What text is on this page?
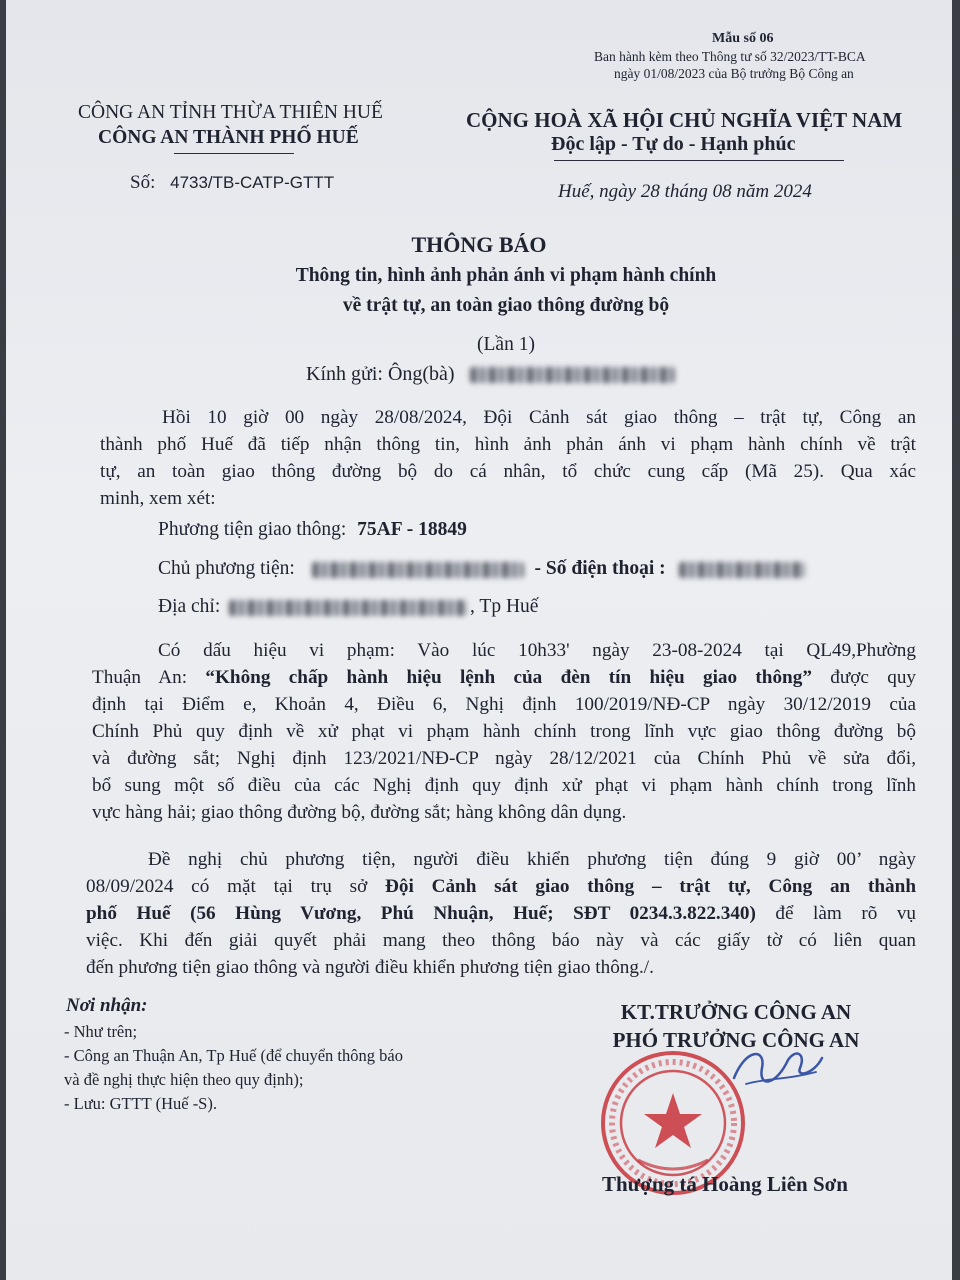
Mẫu số 06
Ban hành kèm theo Thông tư số 32/2023/TT-BCA
ngày 01/08/2023 của Bộ trưởng Bộ Công an
CÔNG AN TỈNH THỪA THIÊN HUẾ
CÔNG AN THÀNH PHỐ HUẾ
Số: 4733/TB-CATP-GTTT
CỘNG HOÀ XÃ HỘI CHỦ NGHĨA VIỆT NAM
Độc lập - Tự do - Hạnh phúc
Huế, ngày 28 tháng 08 năm 2024
THÔNG BÁO
Thông tin, hình ảnh phản ánh vi phạm hành chính
về trật tự, an toàn giao thông đường bộ
(Lần 1)
Kính gửi: Ông(bà)
Hồi 10 giờ 00 ngày 28/08/2024, Đội Cảnh sát giao thông – trật tự, Công an
thành phố Huế đã tiếp nhận thông tin, hình ảnh phản ánh vi phạm hành chính về trật
tự, an toàn giao thông đường bộ do cá nhân, tổ chức cung cấp (Mã 25). Qua xác
minh, xem xét:
Phương tiện giao thông: 75AF - 18849
Chủ phương tiện:	- Số điện thoại :
Địa chỉ:	, Tp Huế
Có dấu hiệu vi phạm: Vào lúc 10h33' ngày 23-08-2024 tại QL49,Phường
Thuận An: “Không chấp hành hiệu lệnh của đèn tín hiệu giao thông” được quy
định tại Điểm e, Khoản 4, Điều 6, Nghị định 100/2019/NĐ-CP ngày 30/12/2019 của
Chính Phủ quy định về xử phạt vi phạm hành chính trong lĩnh vực giao thông đường bộ
và đường sắt; Nghị định 123/2021/NĐ-CP ngày 28/12/2021 của Chính Phủ về sửa đổi,
bổ sung một số điều của các Nghị định quy định xử phạt vi phạm hành chính trong lĩnh
vực hàng hải; giao thông đường bộ, đường sắt; hàng không dân dụng.
Đề nghị chủ phương tiện, người điều khiển phương tiện đúng 9 giờ 00’ ngày
08/09/2024 có mặt tại trụ sở Đội Cảnh sát giao thông – trật tự, Công an thành
phố Huế (56 Hùng Vương, Phú Nhuận, Huế; SĐT 0234.3.822.340) để làm rõ vụ
việc. Khi đến giải quyết phải mang theo thông báo này và các giấy tờ có liên quan
đến phương tiện giao thông và người điều khiển phương tiện giao thông./.
Nơi nhận:
- Như trên;
- Công an Thuận An, Tp Huế (để chuyển thông báo
và đề nghị thực hiện theo quy định);
- Lưu: GTTT (Huế -S).
KT.TRƯỞNG CÔNG AN
PHÓ TRƯỞNG CÔNG AN
Thượng tá Hoàng Liên Sơn
